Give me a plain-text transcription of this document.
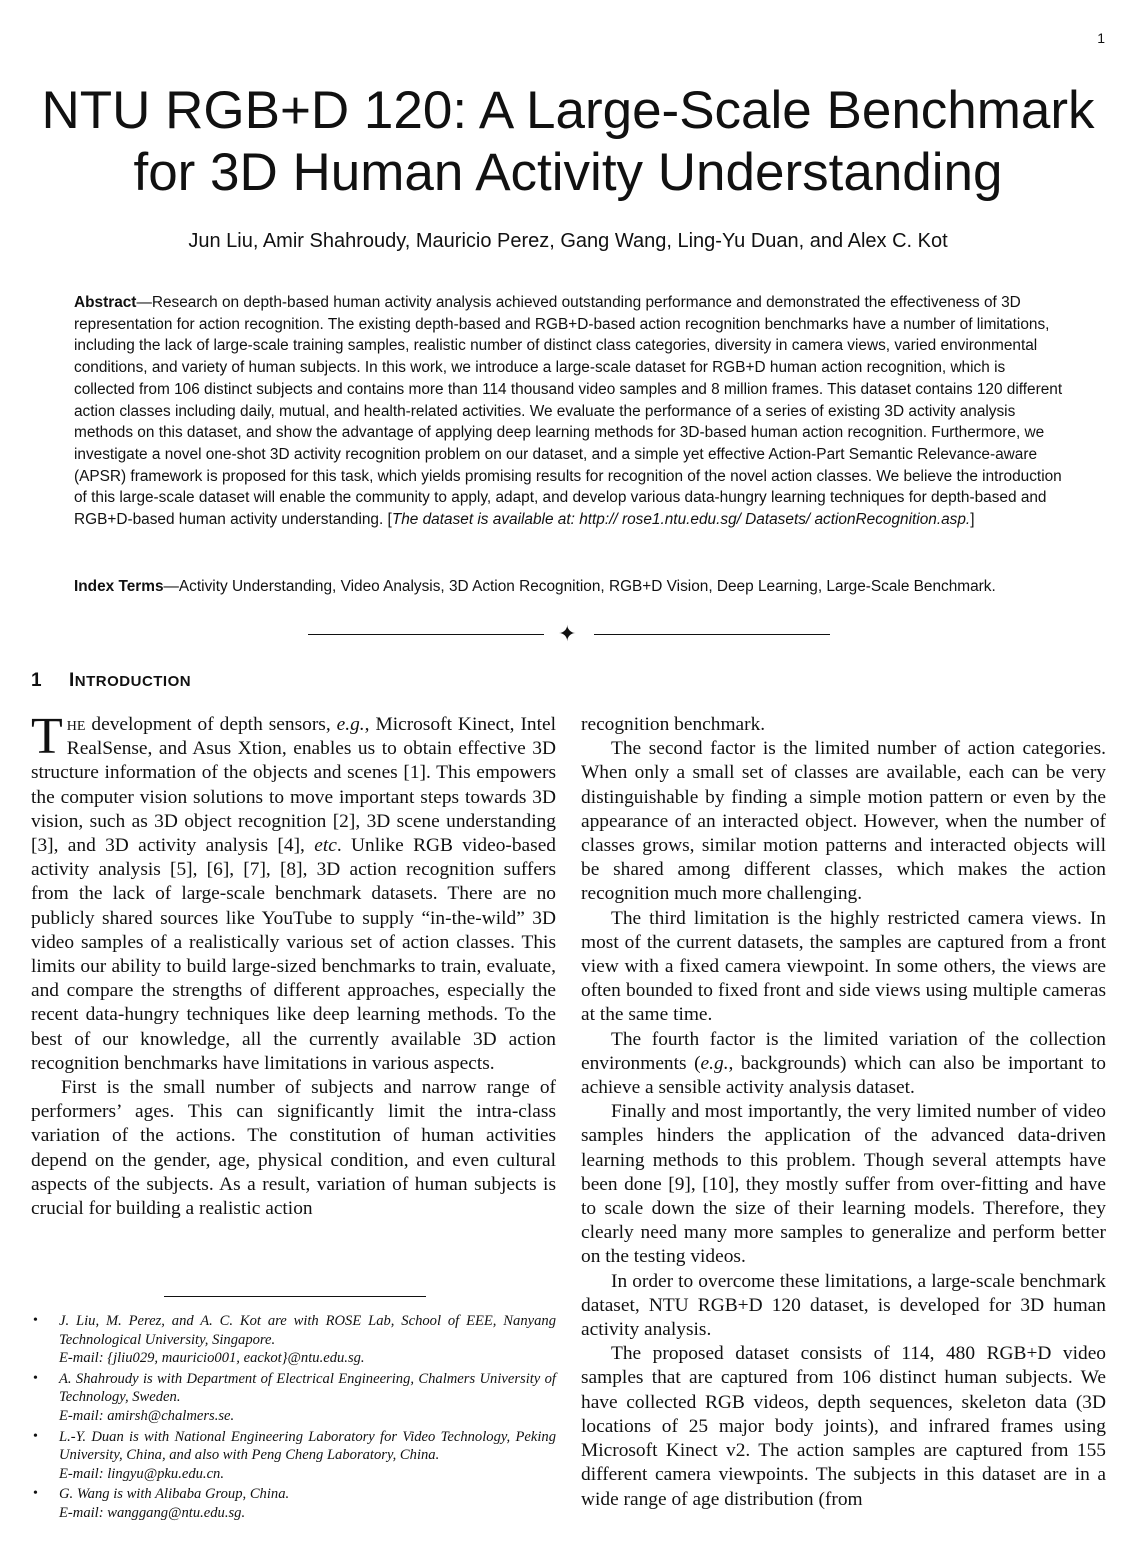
1
NTU RGB+D 120: A Large-Scale Benchmark
for 3D Human Activity Understanding
Jun Liu, Amir Shahroudy, Mauricio Perez, Gang Wang, Ling-Yu Duan, and Alex C. Kot

Abstract—Research on depth-based human activity analysis achieved outstanding performance and demonstrated the effectiveness of 3D representation for action recognition. The existing depth-based and RGB+D-based action recognition benchmarks have a number of limitations, including the lack of large-scale training samples, realistic number of distinct class categories, diversity in camera views, varied environmental conditions, and variety of human subjects. In this work, we introduce a large-scale dataset for RGB+D human action recognition, which is collected from 106 distinct subjects and contains more than 114 thousand video samples and 8 million frames. This dataset contains 120 different action classes including daily, mutual, and health-related activities. We evaluate the performance of a series of existing 3D activity analysis methods on this dataset, and show the advantage of applying deep learning methods for 3D-based human action recognition. Furthermore, we investigate a novel one-shot 3D activity recognition problem on our dataset, and a simple yet effective Action-Part Semantic Relevance-aware (APSR) framework is proposed for this task, which yields promising results for recognition of the novel action classes. We believe the introduction of this large-scale dataset will enable the community to apply, adapt, and develop various data-hungry learning techniques for depth-based and RGB+D-based human activity understanding. [The dataset is available at: http:// rose1.ntu.edu.sg/ Datasets/ actionRecognition.asp.]

Index Terms—Activity Understanding, Video Analysis, 3D Action Recognition, RGB+D Vision, Deep Learning, Large-Scale Benchmark.

✦
1 INTRODUCTION

The development of depth sensors, e.g., Microsoft Kinect, Intel RealSense, and Asus Xtion, enables us to obtain effective 3D structure information of the objects and scenes [1]. This empowers the computer vision solutions to move important steps towards 3D vision, such as 3D object recognition [2], 3D scene understanding [3], and 3D activity analysis [4], etc. Unlike RGB video-based activity analysis [5], [6], [7], [8], 3D action recognition suffers from the lack of large-scale benchmark datasets. There are no publicly shared sources like YouTube to supply “in-the-wild” 3D video samples of a realistically various set of action classes. This limits our ability to build large-sized benchmarks to train, evaluate, and compare the strengths of different approaches, especially the recent data-hungry techniques like deep learning methods. To the best of our knowledge, all the currently available 3D action recognition benchmarks have limitations in various aspects.

First is the small number of subjects and narrow range of performers’ ages. This can significantly limit the intra-class variation of the actions. The constitution of human activities depend on the gender, age, physical condition, and even cultural aspects of the subjects. As a result, variation of human subjects is crucial for building a realistic action

recognition benchmark.

The second factor is the limited number of action categories. When only a small set of classes are available, each can be very distinguishable by finding a simple motion pattern or even by the appearance of an interacted object. However, when the number of classes grows, similar motion patterns and interacted objects will be shared among different classes, which makes the action recognition much more challenging.

The third limitation is the highly restricted camera views. In most of the current datasets, the samples are captured from a front view with a fixed camera viewpoint. In some others, the views are often bounded to fixed front and side views using multiple cameras at the same time.

The fourth factor is the limited variation of the collection environments (e.g., backgrounds) which can also be important to achieve a sensible activity analysis dataset.

Finally and most importantly, the very limited number of video samples hinders the application of the advanced data-driven learning methods to this problem. Though several attempts have been done [9], [10], they mostly suffer from over-fitting and have to scale down the size of their learning models. Therefore, they clearly need many more samples to generalize and perform better on the testing videos.

In order to overcome these limitations, a large-scale benchmark dataset, NTU RGB+D 120 dataset, is developed for 3D human activity analysis.

The proposed dataset consists of 114, 480 RGB+D video samples that are captured from 106 distinct human subjects. We have collected RGB videos, depth sequences, skeleton data (3D locations of 25 major body joints), and infrared frames using Microsoft Kinect v2. The action samples are captured from 155 different camera viewpoints. The subjects in this dataset are in a wide range of age distribution (from

• J. Liu, M. Perez, and A. C. Kot are with ROSE Lab, School of EEE, Nanyang Technological University, Singapore.
E-mail: {jliu029, mauricio001, eackot}@ntu.edu.sg.
• A. Shahroudy is with Department of Electrical Engineering, Chalmers University of Technology, Sweden.
E-mail: amirsh@chalmers.se.
• L.-Y. Duan is with National Engineering Laboratory for Video Technology, Peking University, China, and also with Peng Cheng Laboratory, China.
E-mail: lingyu@pku.edu.cn.
• G. Wang is with Alibaba Group, China.
E-mail: wanggang@ntu.edu.sg.
